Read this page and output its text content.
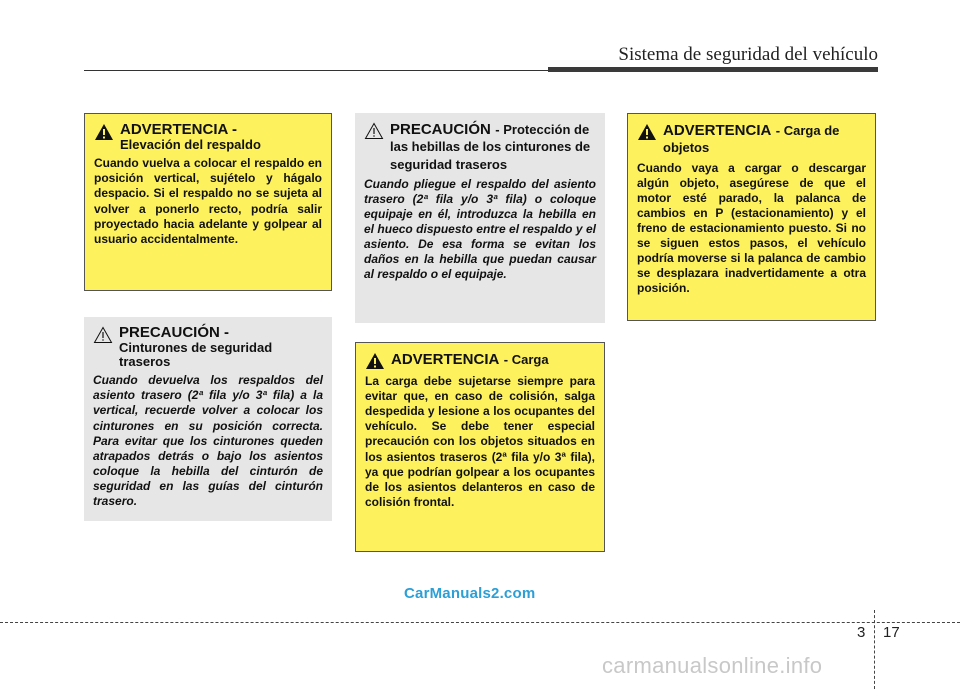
Sistema de seguridad del vehículo
ADVERTENCIA -
Elevación del respaldo

Cuando vuelva a colocar el respaldo en posición vertical, sujételo y hágalo despacio. Si el respaldo no se sujeta al volver a ponerlo recto, podría salir proyectado hacia adelante y golpear al usuario accidentalmente.

PRECAUCIÓN -
Cinturones de seguridad traseros

Cuando devuelva los respaldos del asiento trasero (2ª fila y/o 3ª fila) a la vertical, recuerde volver a colocar los cinturones en su posición correcta. Para evitar que los cinturones queden atrapados detrás o bajo los asientos coloque la hebilla del cinturón de seguridad en las guías del cinturón trasero.

PRECAUCIÓN - Protección de las hebillas de los cinturones de seguridad traseros

Cuando pliegue el respaldo del asiento trasero (2ª fila y/o 3ª fila) o coloque equipaje en él, introduzca la hebilla en el hueco dispuesto entre el respaldo y el asiento. De esa forma se evitan los daños en la hebilla que puedan causar al respaldo o el equipaje.

ADVERTENCIA - Carga

La carga debe sujetarse siempre para evitar que, en caso de colisión, salga despedida y lesione a los ocupantes del vehículo. Se debe tener especial precaución con los objetos situados en los asientos traseros (2ª fila y/o 3ª fila), ya que podrían golpear a los ocupantes de los asientos delanteros en caso de colisión frontal.

ADVERTENCIA - Carga de objetos

Cuando vaya a cargar o descargar algún objeto, asegúrese de que el motor esté parado, la palanca de cambios en P (estacionamiento) y el freno de estacionamiento puesto. Si no se siguen estos pasos, el vehículo podría moverse si la palanca de cambio se desplazara inadvertidamente a otra posición.

CarManuals2.com
3 17
carmanualsonline.info
